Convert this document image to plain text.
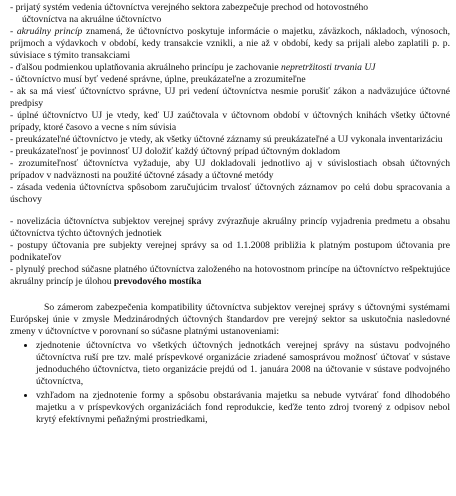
- prijatý systém vedenia účtovníctva verejného sektora zabezpečuje prechod od hotovostného
účtovníctva na akruálne účtovníctvo
- akruálny princíp znamená, že účtovníctvo poskytuje informácie o majetku, záväzkoch, nákladoch, výnosoch, príjmoch a výdavkoch v období, kedy transakcie vznikli, a nie až v období, kedy sa prijali alebo zaplatili p. p. súvisiace s týmito transakciami
- ďalšou podmienkou uplatňovania akruálneho princípu je zachovanie nepretržitosti trvania UJ
- účtovníctvo musí byť vedené správne, úplne, preukázateľne a zrozumiteľne
- ak sa má viesť účtovníctvo správne, UJ pri vedení účtovníctva nesmie porušiť zákon a nadväzujúce účtovné predpisy
- úplné účtovníctvo UJ je vtedy, keď UJ zaúčtovala v účtovnom období v účtovných knihách všetky účtovné prípady, ktoré časovo a vecne s ním súvisia
- preukázateľné účtovníctvo je vtedy, ak všetky účtovné záznamy sú preukázateľné a UJ vykonala inventarizáciu
- preukázateľnosť je povinnosť UJ doložiť každý účtovný prípad účtovným dokladom
- zrozumiteľnosť účtovníctva vyžaduje, aby UJ dokladovali jednotlivo aj v súvislostiach obsah účtovných prípadov v nadväznosti na použité účtovné zásady a účtovné metódy
- zásada vedenia účtovníctva spôsobom zaručujúcim trvalosť účtovných záznamov po celú dobu spracovania a úschovy
- novelizácia účtovníctva subjektov verejnej správy zvýrazňuje akruálny princíp vyjadrenia predmetu a obsahu účtovníctva týchto účtovných jednotiek
- postupy účtovania pre subjekty verejnej správy sa od 1.1.2008 približia k platným postupom účtovania pre podnikateľov
- plynulý prechod súčasne platného účtovníctva založeného na hotovostnom princípe na účtovníctvo rešpektujúce akruálny princíp je úlohou prevodového mostíka

So zámerom zabezpečenia kompatibility účtovníctva subjektov verejnej správy s účtovnými systémami Európskej únie v zmysle Medzinárodných účtovných štandardov pre verejný sektor sa uskutočnia nasledovné zmeny v účtovníctve v porovnaní so súčasne platnými ustanoveniami:

• zjednotenie účtovníctva vo všetkých účtovných jednotkách verejnej správy na sústavu podvojného účtovníctva ruší pre tzv. malé príspevkové organizácie zriadené samosprávou možnosť účtovať v sústave jednoduchého účtovníctva, tieto organizácie prejdú od 1. januára 2008 na účtovanie v sústave podvojného účtovníctva,
• vzhľadom na zjednotenie formy a spôsobu obstarávania majetku sa nebude vytvárať fond dlhodobého majetku a v príspevkových organizáciách fond reprodukcie, keďže tento zdroj tvorený z odpisov nebol krytý efektívnymi peňažnými prostriedkami,
